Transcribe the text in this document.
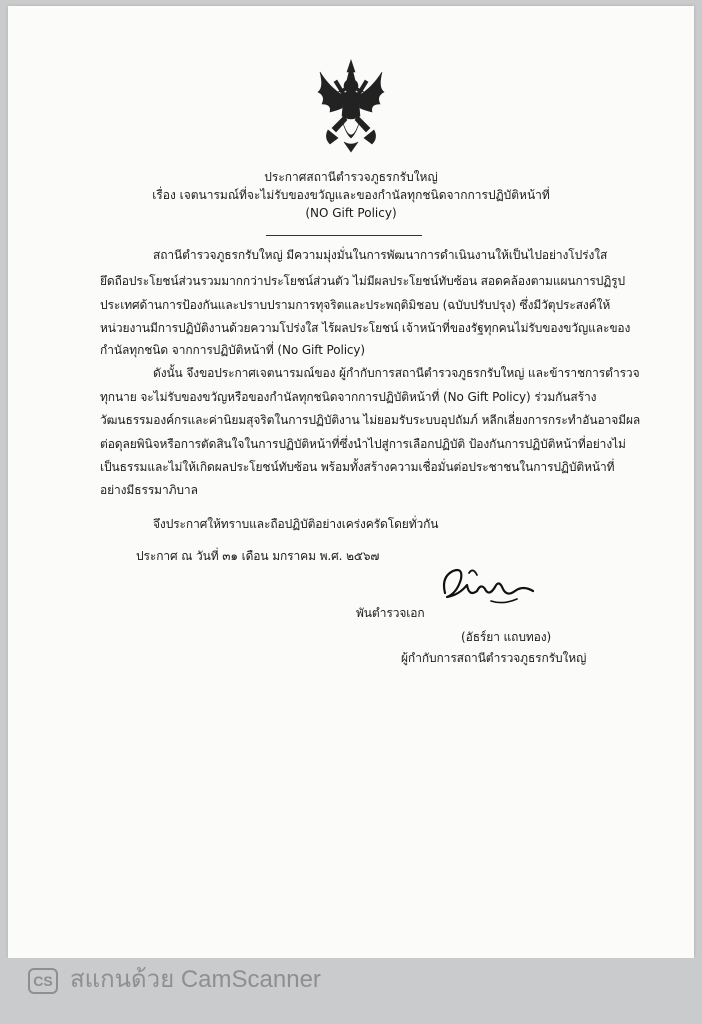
ประกาศสถานีตำรวจภูธรกรับใหญ่
เรื่อง เจตนารมณ์ที่จะไม่รับของขวัญและของกำนัลทุกชนิดจากการปฏิบัติหน้าที่
(NO Gift Policy)
สถานีตำรวจภูธรกรับใหญ่ มีความมุ่งมั่นในการพัฒนาการดำเนินงานให้เป็นไปอย่างโปร่งใส
ยึดถือประโยชน์ส่วนรวมมากกว่าประโยชน์ส่วนตัว ไม่มีผลประโยชน์ทับซ้อน สอดคล้องตามแผนการปฏิรูป
ประเทศด้านการป้องกันและปราบปรามการทุจริตและประพฤติมิชอบ (ฉบับปรับปรุง) ซึ่งมีวัตุประสงค์ให้
หน่วยงานมีการปฏิบัติงานด้วยความโปร่งใส ไร้ผลประโยชน์ เจ้าหน้าที่ของรัฐทุกคนไม่รับของขวัญและของ
กำนัลทุกชนิด จากการปฏิบัติหน้าที่ (No Gift Policy)
ดังนั้น จึงขอประกาศเจตนารมณ์ของ ผู้กำกับการสถานีตำรวจภูธรกรับใหญ่ และข้าราชการตำรวจ
ทุกนาย จะไม่รับของขวัญหรือของกำนัลทุกชนิดจากการปฏิบัติหน้าที่ (No Gift Policy) ร่วมกันสร้าง
วัฒนธรรมองค์กรและค่านิยมสุจริตในการปฏิบัติงาน ไม่ยอมรับระบบอุปถัมภ์ หลีกเลี่ยงการกระทำอันอาจมีผล
ต่อดุลยพินิจหรือการตัดสินใจในการปฏิบัติหน้าที่ซึ่งนำไปสู่การเลือกปฏิบัติ ป้องกันการปฏิบัติหน้าที่อย่างไม่
เป็นธรรมและไม่ให้เกิดผลประโยชน์ทับซ้อน พร้อมทั้งสร้างความเชื่อมั่นต่อประชาชนในการปฏิบัติหน้าที่
อย่างมีธรรมาภิบาล
จึงประกาศให้ทราบและถือปฏิบัติอย่างเคร่งครัดโดยทั่วกัน
ประกาศ ณ วันที่ ๓๑ เดือน มกราคม พ.ศ. ๒๕๖๗
พันตำรวจเอก
(อัธร์ยา แถบทอง)
ผู้กำกับการสถานีตำรวจภูธรกรับใหญ่
CS สแกนด้วย CamScanner
